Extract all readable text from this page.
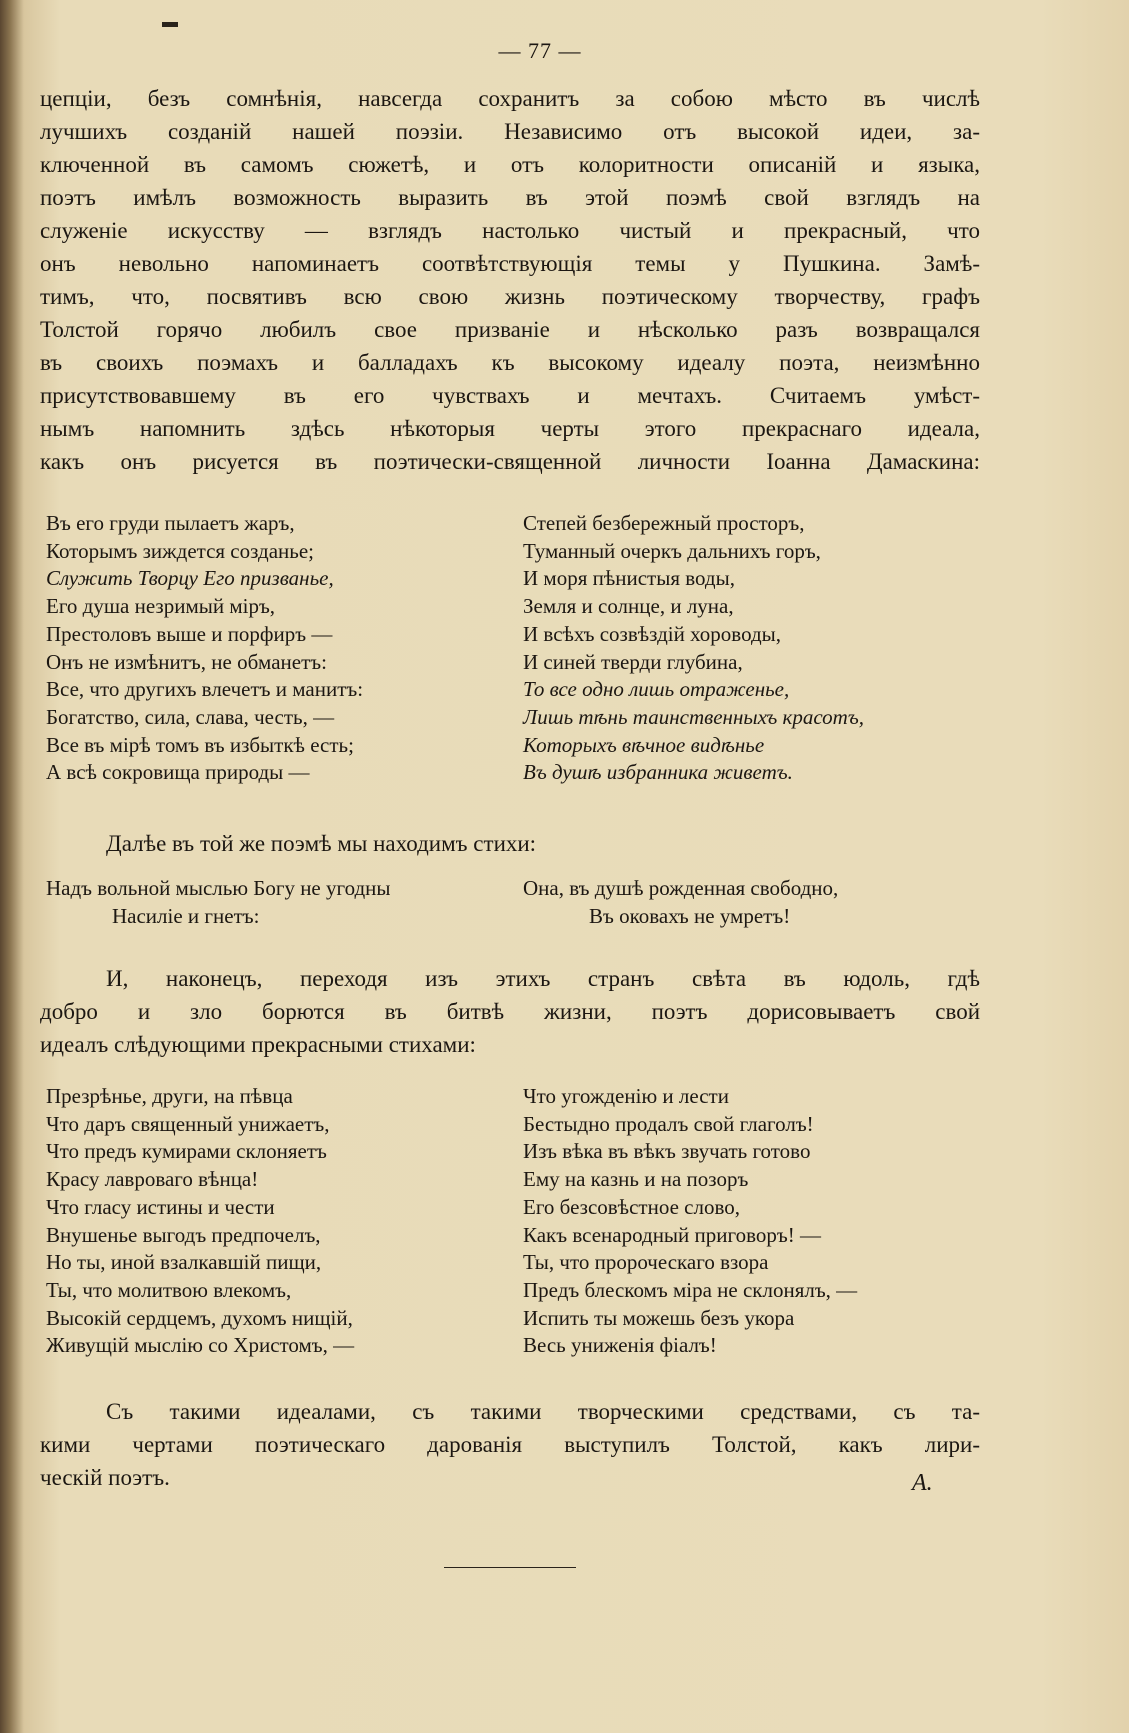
— 77 —
цепціи, безъ сомнѣнія, навсегда сохранитъ за собою мѣсто въ числѣ
лучшихъ созданій нашей поэзіи. Независимо отъ высокой идеи, за-
ключенной въ самомъ сюжетѣ, и отъ колоритности описаній и языка,
поэтъ имѣлъ возможность выразить въ этой поэмѣ свой взглядъ на
служеніе искусству — взглядъ настолько чистый и прекрасный, что
онъ невольно напоминаетъ соотвѣтствующія темы у Пушкина. Замѣ-
тимъ, что, посвятивъ всю свою жизнь поэтическому творчеству, графъ
Толстой горячо любилъ свое призваніе и нѣсколько разъ возвращался
въ своихъ поэмахъ и балладахъ къ высокому идеалу поэта, неизмѣнно
присутствовавшему въ его чувствахъ и мечтахъ. Считаемъ умѣст-
нымъ напомнить здѣсь нѣкоторыя черты этого прекраснаго идеала,
какъ онъ рисуется въ поэтически-священной личности Іоанна Дамаскина:
Въ его груди пылаетъ жаръ,
Которымъ зиждется созданье;
Служить Творцу Его призванье,
Его душа незримый міръ,
Престоловъ выше и порфиръ —
Онъ не измѣнитъ, не обманетъ:
Все, что другихъ влечетъ и манитъ:
Богатство, сила, слава, честь, —
Все въ мірѣ томъ въ избыткѣ есть;
А всѣ сокровища природы —
Степей безбережный просторъ,
Туманный очеркъ дальнихъ горъ,
И моря пѣнистыя воды,
Земля и солнце, и луна,
И всѣхъ созвѣздій хороводы,
И синей тверди глубина,
То все одно лишь отраженье,
Лишь тѣнь таинственныхъ красотъ,
Которыхъ вѣчное видѣнье
Въ душѣ избранника живетъ.
Далѣе въ той же поэмѣ мы находимъ стихи:
Надъ вольной мыслью Богу не угодны
Насиліе и гнетъ:
Она, въ душѣ рожденная свободно,
Въ оковахъ не умретъ!
И, наконецъ, переходя изъ этихъ странъ свѣта въ юдоль, гдѣ
добро и зло борются въ битвѣ жизни, поэтъ дорисовываетъ свой
идеалъ слѣдующими прекрасными стихами:
Презрѣнье, други, на пѣвца
Что даръ священный унижаетъ,
Что предъ кумирами склоняетъ
Красу лавроваго вѣнца!
Что гласу истины и чести
Внушенье выгодъ предпочелъ,
Но ты, иной взалкавшій пищи,
Ты, что молитвою влекомъ,
Высокій сердцемъ, духомъ нищій,
Живущій мыслію со Христомъ, —
Что угожденію и лести
Бестыдно продалъ свой глаголъ!
Изъ вѣка въ вѣкъ звучать готово
Ему на казнь и на позоръ
Его безсовѣстное слово,
Какъ всенародный приговоръ! —
Ты, что пророческаго взора
Предъ блескомъ міра не склонялъ, —
Испить ты можешь безъ укора
Весь униженія фіалъ!
Съ такими идеалами, съ такими творческими средствами, съ та-
кими чертами поэтическаго дарованія выступилъ Толстой, какъ лири-
ческій поэтъ.	А.
